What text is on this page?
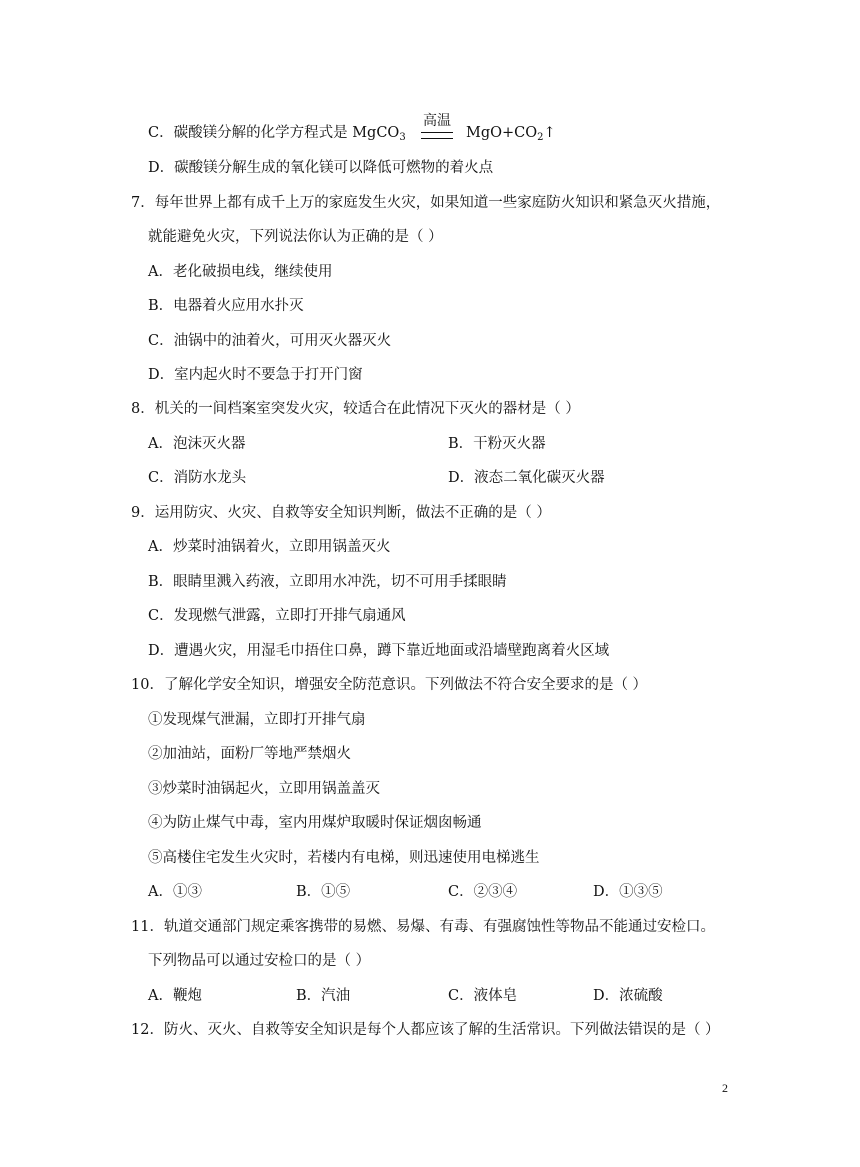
C．碳酸镁分解的化学方程式是 MgCO$_3$
高温
$MgO+CO_2↑$
D．碳酸镁分解生成的氧化镁可以降低可燃物的着火点
7．每年世界上都有成千上万的家庭发生火灾，如果知道一些家庭防火知识和紧急灭火措施，
就能避免火灾，下列说法你认为正确的是（ ）
A．老化破损电线，继续使用
B．电器着火应用水扑灭
C．油锅中的油着火，可用灭火器灭火
D．室内起火时不要急于打开门窗
8．机关的一间档案室突发火灾，较适合在此情况下灭火的器材是（ ）
A．泡沫灭火器	B．干粉灭火器
C．消防水龙头	D．液态二氧化碳灭火器
9．运用防灾、火灾、自救等安全知识判断，做法不正确的是（ ）
A．炒菜时油锅着火，立即用锅盖灭火
B．眼睛里溅入药液，立即用水冲洗，切不可用手揉眼睛
C．发现燃气泄露，立即打开排气扇通风
D．遭遇火灾，用湿毛巾捂住口鼻，蹲下靠近地面或沿墙壁跑离着火区域
10．了解化学安全知识，增强安全防范意识。下列做法不符合安全要求的是（ ）
①发现煤气泄漏，立即打开排气扇
②加油站，面粉厂等地严禁烟火
③炒菜时油锅起火，立即用锅盖盖灭
④为防止煤气中毒，室内用煤炉取暖时保证烟囱畅通
⑤高楼住宅发生火灾时，若楼内有电梯，则迅速使用电梯逃生
A．①③	B．①⑤	C．②③④	D．①③⑤
11．轨道交通部门规定乘客携带的易燃、易爆、有毒、有强腐蚀性等物品不能通过安检口。
下列物品可以通过安检口的是（ ）
A．鞭炮	B．汽油	C．液体皂	D．浓硫酸
12．防火、灭火、自救等安全知识是每个人都应该了解的生活常识。下列做法错误的是（ ）
2
